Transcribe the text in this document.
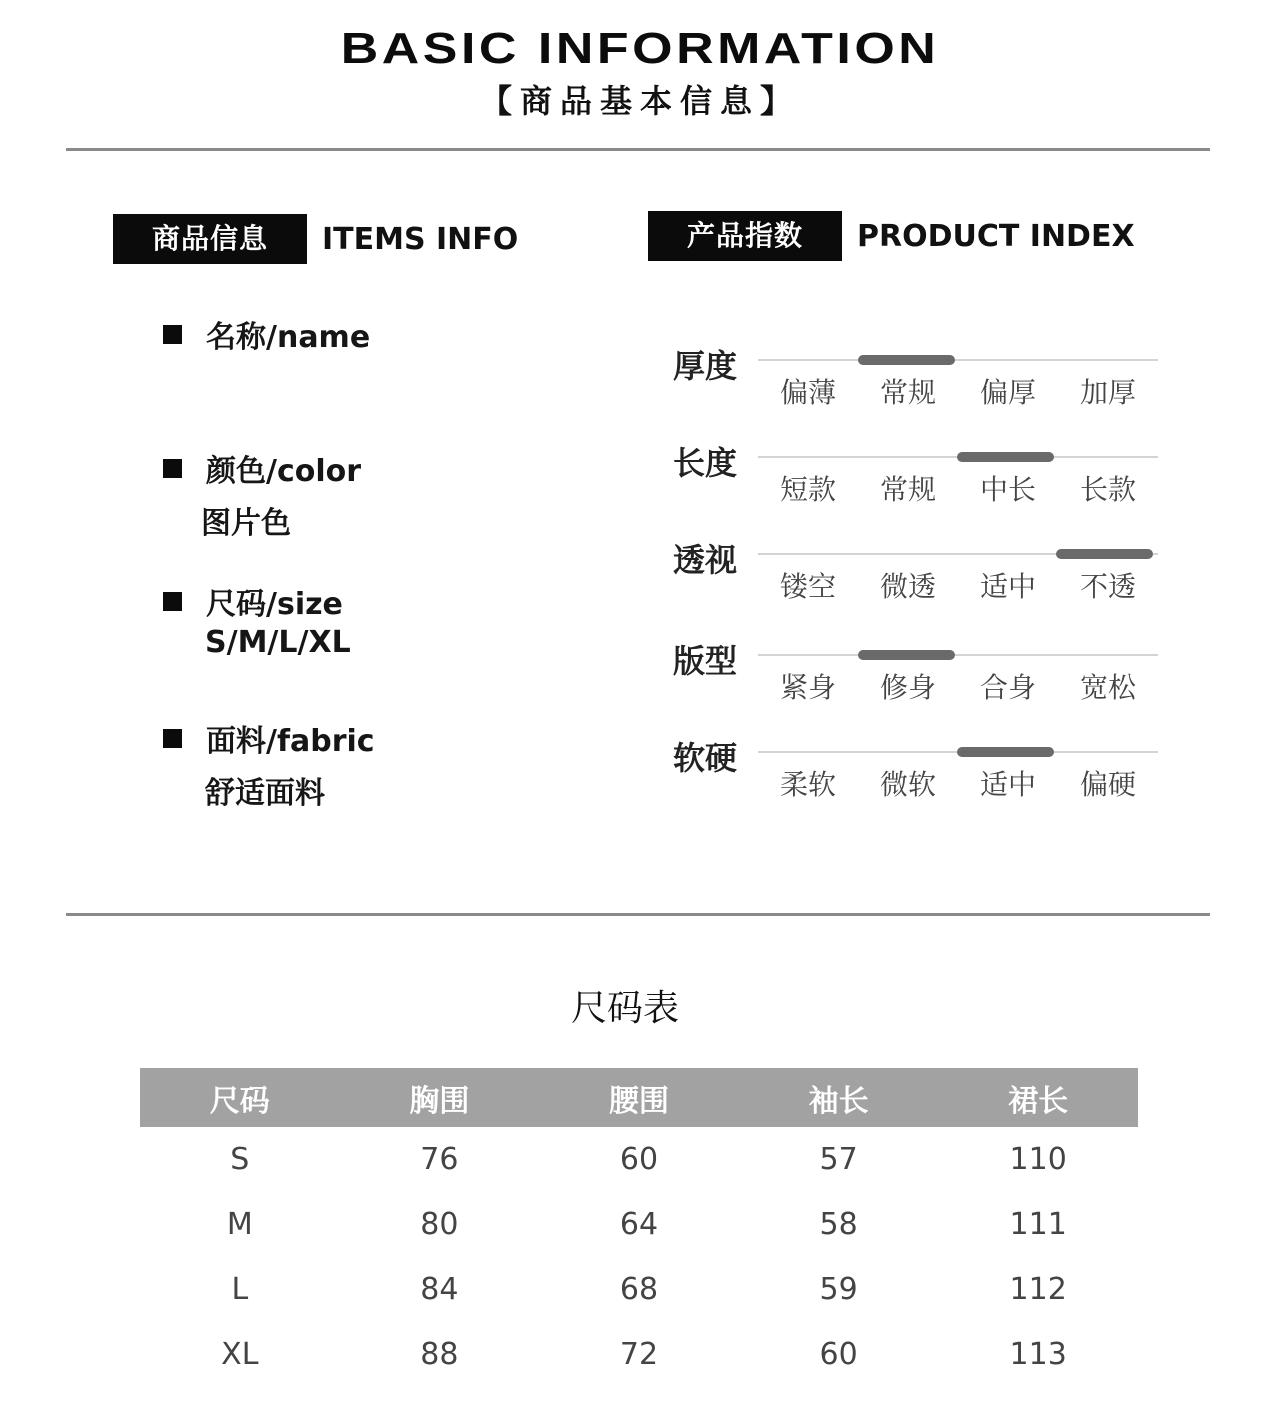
BASIC INFORMATION
【商品基本信息】
商品信息	ITEMS INFO
名称/name
颜色/color
图片色
尺码/size
S/M/L/XL
面料/fabric
舒适面料
产品指数	PRODUCT INDEX
厚度
偏薄	常规	偏厚	加厚
长度
短款	常规	中长	长款
透视
镂空	微透	适中	不透
版型
紧身	修身	合身	宽松
软硬
柔软	微软	适中	偏硬
尺码表
尺码	胸围	腰围	袖长	裙长
S	76	60	57	110
M	80	64	58	111
L	84	68	59	112
XL	88	72	60	113
